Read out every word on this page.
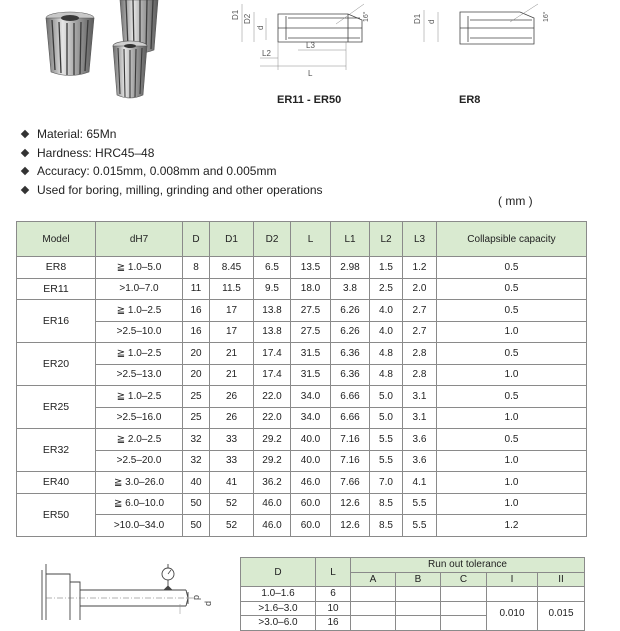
D1 D2
d
16°
L2
L3
L
D1 d	16°
ER11 - ER50	ER8
Material: 65Mn
Hardness: HRC45–48
Accuracy: 0.015mm, 0.008mm and 0.005mm
Used for boring, milling, grinding and other operations
( mm )
Model	dH7	D	D1	D2	L	L1	L2	L3	Collapsible capacity
ER8	≧ 1.0–5.0	8	8.45	6.5	13.5	2.98	1.5	1.2	0.5
ER11	>1.0–7.0	11	11.5	9.5	18.0	3.8	2.5	2.0	0.5
ER16	≧ 1.0–2.5	16	17	13.8	27.5	6.26	4.0	2.7	0.5
	>2.5–10.0	16	17	13.8	27.5	6.26	4.0	2.7	1.0
ER20	≧ 1.0–2.5	20	21	17.4	31.5	6.36	4.8	2.8	0.5
	>2.5–13.0	20	21	17.4	31.5	6.36	4.8	2.8	1.0
ER25	≧ 1.0–2.5	25	26	22.0	34.0	6.66	5.0	3.1	0.5
	>2.5–16.0	25	26	22.0	34.0	6.66	5.0	3.1	1.0
ER32	≧ 2.0–2.5	32	33	29.2	40.0	7.16	5.5	3.6	0.5
	>2.5–20.0	32	33	29.2	40.0	7.16	5.5	3.6	1.0
ER40	≧ 3.0–26.0	40	41	36.2	46.0	7.66	7.0	4.1	1.0
ER50	≧ 6.0–10.0	50	52	46.0	60.0	12.6	8.5	5.5	1.0
	>10.0–34.0	50	52	46.0	60.0	12.6	8.5	5.5	1.2
p
d
D	L	Run out tolerance				
		A	B	C	I	II
1.0–1.6	6					
>1.6–3.0	10				0.010	0.015
>3.0–6.0	16					
